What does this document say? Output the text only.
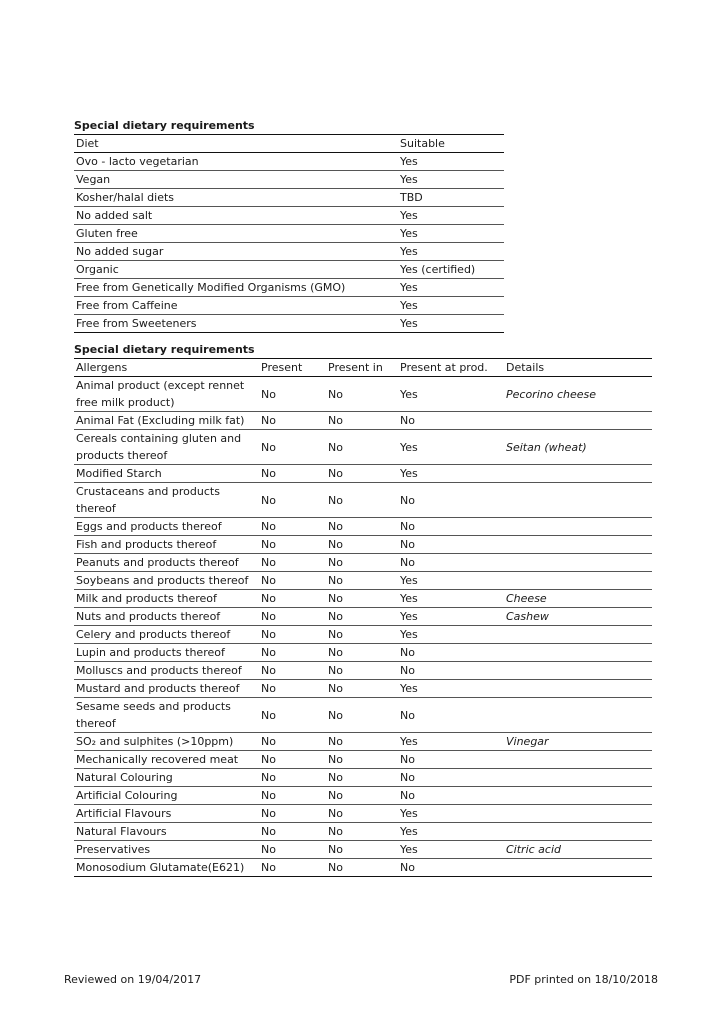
Special dietary requirements
Diet	Suitable
Ovo - lacto vegetarian	Yes
Vegan	Yes
Kosher/halal diets	TBD
No added salt	Yes
Gluten free	Yes
No added sugar	Yes
Organic	Yes (certified)
Free from Genetically Modified Organisms (GMO)	Yes
Free from Caffeine	Yes
Free from Sweeteners	Yes
Special dietary requirements
Allergens	Present	Present in	Present at prod.	Details
Animal product (except rennet free milk product)	No	No	Yes	Pecorino cheese
Animal Fat (Excluding milk fat)	No	No	No	
Cereals containing gluten and products thereof	No	No	Yes	Seitan (wheat)
Modified Starch	No	No	Yes	
Crustaceans and products thereof	No	No	No	
Eggs and products thereof	No	No	No	
Fish and products thereof	No	No	No	
Peanuts and products thereof	No	No	No	
Soybeans and products thereof	No	No	Yes	
Milk and products thereof	No	No	Yes	Cheese
Nuts and products thereof	No	No	Yes	Cashew
Celery and products thereof	No	No	Yes	
Lupin and products thereof	No	No	No	
Molluscs and products thereof	No	No	No	
Mustard and products thereof	No	No	Yes	
Sesame seeds and products thereof	No	No	No	
SO₂ and sulphites (>10ppm)	No	No	Yes	Vinegar
Mechanically recovered meat	No	No	No	
Natural Colouring	No	No	No	
Artificial Colouring	No	No	No	
Artificial Flavours	No	No	Yes	
Natural Flavours	No	No	Yes	
Preservatives	No	No	Yes	Citric acid
Monosodium Glutamate(E621)	No	No	No	
Reviewed on 19/04/2017	PDF printed on 18/10/2018
